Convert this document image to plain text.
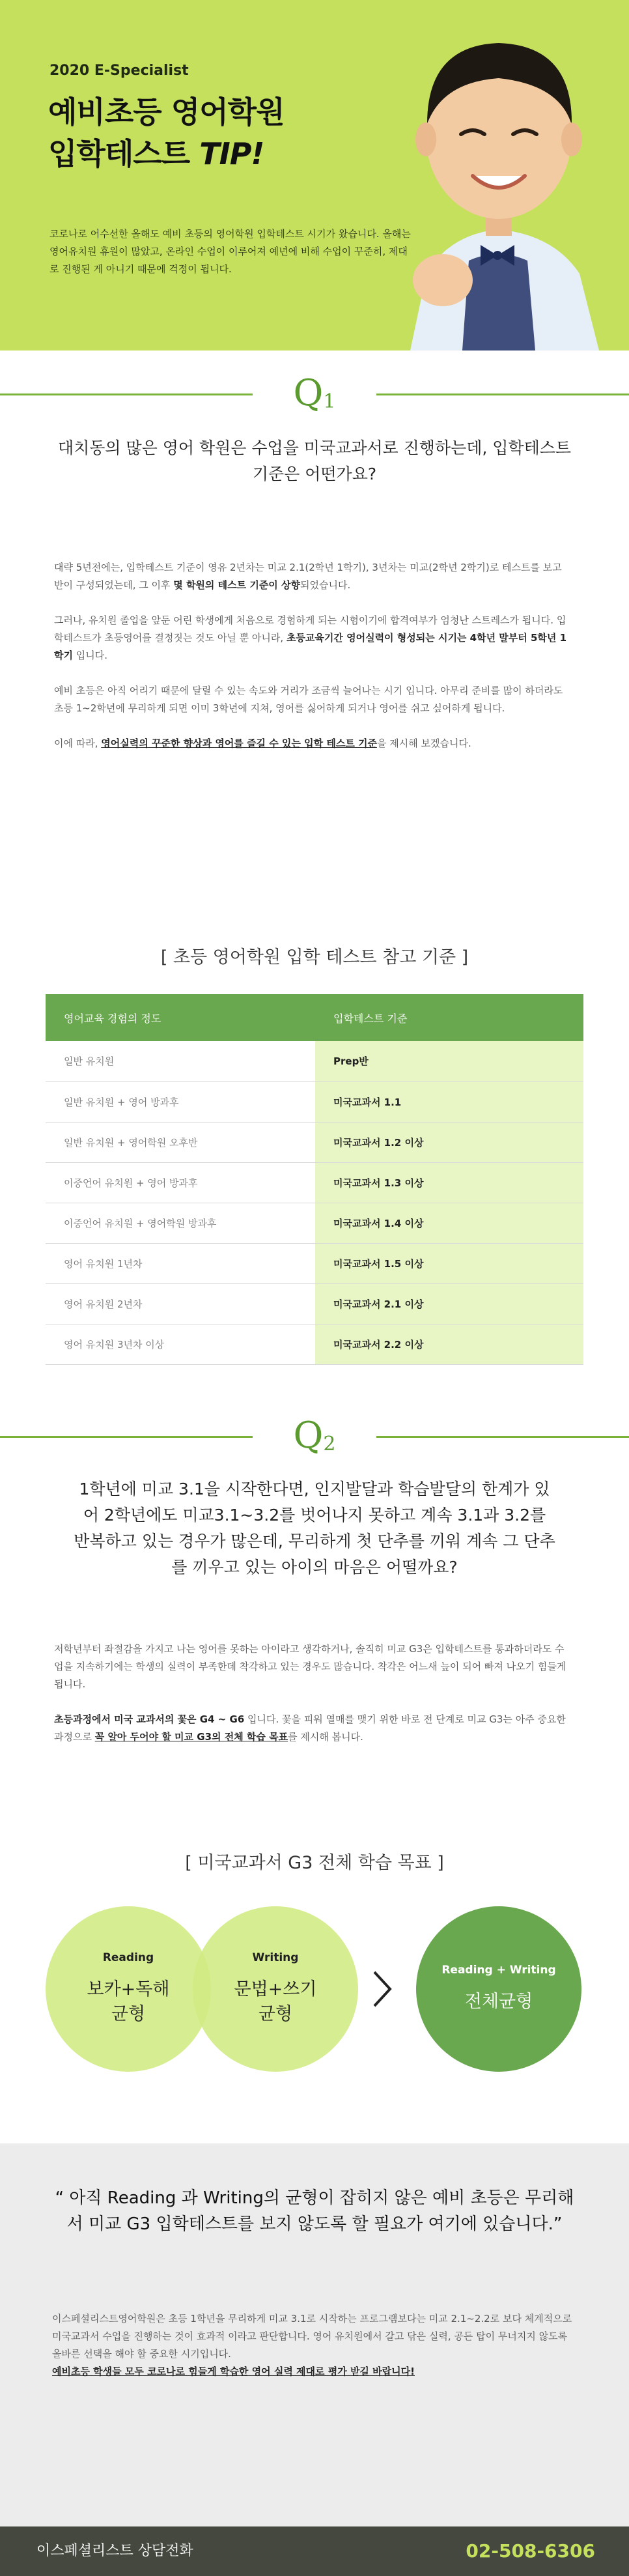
2020 E-Specialist
예비초등 영어학원
입학테스트 TIP!
코로나로 어수선한 올해도 예비 초등의 영어학원 입학테스트 시기가 왔습니다. 올해는 영어유치원 휴원이 많았고, 온라인 수업이 이루어져 예년에 비해 수업이 꾸준히, 제대로 진행된 게 아니기 때문에 걱정이 됩니다.
$Q_1$
대치동의 많은 영어 학원은 수업을 미국교과서로 진행하는데, 입학테스트 기준은 어떤가요?

대략 5년전에는, 입학테스트 기준이 영유 2년차는 미교 2.1(2학년 1학기), 3년차는 미교(2학년 2학기)로 테스트를 보고 반이 구성되었는데, 그 이후 몇 학원의 테스트 기준이 상향되었습니다.

그러나, 유치원 졸업을 앞둔 어린 학생에게 처음으로 경험하게 되는 시험이기에 합격여부가 엄청난 스트레스가 됩니다. 입학테스트가 초등영어를 결정짓는 것도 아닐 뿐 아니라, 초등교육기간 영어실력이 형성되는 시기는 4학년 말부터 5학년 1학기 입니다.

예비 초등은 아직 어리기 때문에 달릴 수 있는 속도와 거리가 조금씩 늘어나는 시기 입니다. 아무리 준비를 많이 하더라도 초등 1~2학년에 무리하게 되면 이미 3학년에 지쳐, 영어를 싫어하게 되거나 영어를 쉬고 싶어하게 됩니다.

이에 따라, 영어실력의 꾸준한 향상과 영어를 즐길 수 있는 입학 테스트 기준을 제시해 보겠습니다.

[ 초등 영어학원 입학 테스트 참고 기준 ]
영어교육 경험의 정도	입학테스트 기준
일반 유치원	Prep반
일반 유치원 + 영어 방과후	미국교과서 1.1
일반 유치원 + 영어학원 오후반	미국교과서 1.2 이상
이중언어 유치원 + 영어 방과후	미국교과서 1.3 이상
이중언어 유치원 + 영어학원 방과후	미국교과서 1.4 이상
영어 유치원 1년차	미국교과서 1.5 이상
영어 유치원 2년차	미국교과서 2.1 이상
영어 유치원 3년차 이상	미국교과서 2.2 이상
$Q_2$
1학년에 미교 3.1을 시작한다면, 인지발달과 학습발달의 한계가 있어 2학년에도 미교3.1~3.2를 벗어나지 못하고 계속 3.1과 3.2를 반복하고 있는 경우가 많은데, 무리하게 첫 단추를 끼워 계속 그 단추를 끼우고 있는 아이의 마음은 어떨까요?

저학년부터 좌절감을 가지고 나는 영어를 못하는 아이라고 생각하거나, 솔직히 미교 G3은 입학테스트를 통과하더라도 수업을 지속하기에는 학생의 실력이 부족한데 착각하고 있는 경우도 많습니다. 착각은 어느새 늪이 되어 빠져 나오기 힘들게 됩니다.

초등과정에서 미국 교과서의 꽃은 G4 ~ G6 입니다. 꽃을 피워 열매를 맺기 위한 바로 전 단계로 미교 G3는 아주 중요한 과정으로 꼭 알아 두어야 할 미교 G3의 전체 학습 목표를 제시해 봅니다.

[ 미국교과서 G3 전체 학습 목표 ]
Reading
보카+독해
균형
Writing
문법+쓰기
균형
Reading + Writing
전체균형
“ 아직 Reading 과 Writing의 균형이 잡히지 않은 예비 초등은 무리해서 미교 G3 입학테스트를 보지 않도록 할 필요가 여기에 있습니다.”
이스페셜리스트영어학원은 초등 1학년을 무리하게 미교 3.1로 시작하는 프로그램보다는 미교 2.1~2.2로 보다 체계적으로 미국교과서 수업을 진행하는 것이 효과적 이라고 판단합니다. 영어 유치원에서 갈고 닦은 실력, 공든 탑이 무너지지 않도록 올바른 선택을 해야 할 중요한 시기입니다.
예비초등 학생들 모두 코로나로 힘들게 학습한 영어 실력 제대로 평가 받길 바랍니다!
이스페셜리스트 상담전화	02-508-6306
